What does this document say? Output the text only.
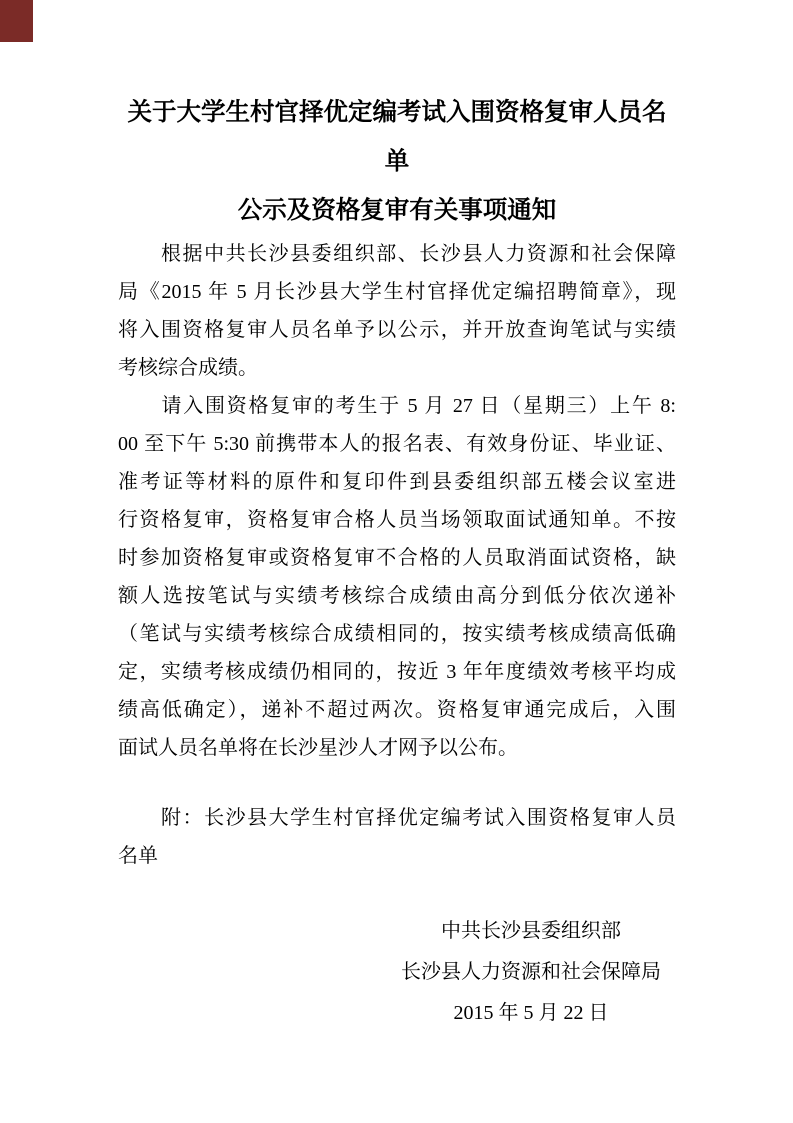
关于大学生村官择优定编考试入围资格复审人员名单
公示及资格复审有关事项通知
　　根据中共长沙县委组织部、长沙县人力资源和社会保障
局《2015 年 5 月长沙县大学生村官择优定编招聘简章》，现
将入围资格复审人员名单予以公示，并开放查询笔试与实绩
考核综合成绩。
　　请入围资格复审的考生于 5 月 27 日（星期三）上午 8:
00 至下午 5:30 前携带本人的报名表、有效身份证、毕业证、
准考证等材料的原件和复印件到县委组织部五楼会议室进
行资格复审，资格复审合格人员当场领取面试通知单。不按
时参加资格复审或资格复审不合格的人员取消面试资格，缺
额人选按笔试与实绩考核综合成绩由高分到低分依次递补
（笔试与实绩考核综合成绩相同的，按实绩考核成绩高低确
定，实绩考核成绩仍相同的，按近 3 年年度绩效考核平均成
绩高低确定），递补不超过两次。资格复审通完成后，入围
面试人员名单将在长沙星沙人才网予以公布。
　　附：长沙县大学生村官择优定编考试入围资格复审人员
名单
中共长沙县委组织部
长沙县人力资源和社会保障局
2015 年 5 月 22 日
